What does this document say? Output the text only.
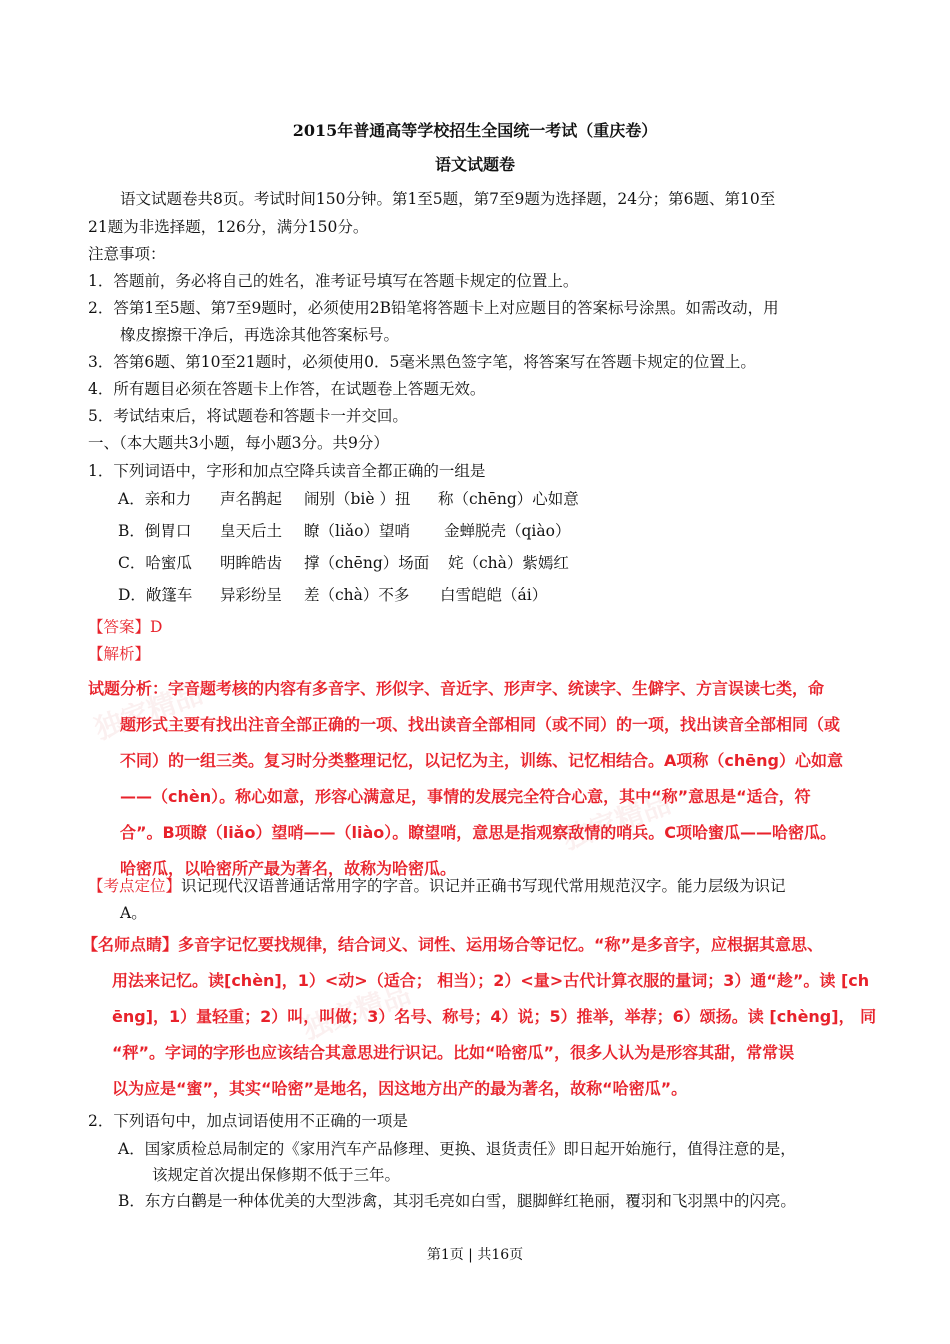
独家精品
独家精品
独家精品
2015年普通高等学校招生全国统一考试（重庆卷）
语文试题卷
语文试题卷共8页。考试时间150分钟。第1至5题，第7至9题为选择题，24分；第6题、第10至
21题为非选择题，126分，满分150分。
注意事项：
1．答题前，务必将自己的姓名，准考证号填写在答题卡规定的位置上。
2．答第1至5题、第7至9题时，必须使用2B铅笔将答题卡上对应题目的答案标号涂黑。如需改动，用
橡皮擦擦干净后，再选涂其他答案标号。
3．答第6题、第10至21题时，必须使用0．5毫米黑色签字笔，将答案写在答题卡规定的位置上。
4．所有题目必须在答题卡上作答，在试题卷上答题无效。
5．考试结束后，将试题卷和答题卡一并交回。
一、（本大题共3小题，每小题3分。共9分）
1．下列词语中，字形和加点空降兵读音全都正确的一组是
A．亲和力 声名鹊起 闹别（biè ）扭 称（chēng）心如意
B．倒胃口 皇天后土 瞭（liǎo）望哨 金蝉脱壳（qiào）
C．哈蜜瓜 明眸皓齿 撑（chēng）场面 姹（chà）紫嫣红
D．敞篷车 异彩纷呈 差（chà）不多 白雪皑皑（ái）
【答案】D
【解析】
试题分析：字音题考核的内容有多音字、形似字、音近字、形声字、统读字、生僻字、方言误读七类，命
题形式主要有找出注音全部正确的一项、找出读音全部相同（或不同）的一项，找出读音全部相同（或
不同）的一组三类。复习时分类整理记忆，以记忆为主，训练、记忆相结合。A项称（chēng）心如意
——（chèn）。称心如意，形容心满意足，事情的发展完全符合心意，其中“称”意思是“适合，符
合”。B项瞭（liǎo）望哨——（liào）。瞭望哨，意思是指观察敌情的哨兵。C项哈蜜瓜——哈密瓜。
哈密瓜，以哈密所产最为著名，故称为哈密瓜。
【考点定位】识记现代汉语普通话常用字的字音。识记并正确书写现代常用规范汉字。能力层级为识记
A。
【名师点睛】多音字记忆要找规律，结合词义、词性、运用场合等记忆。“称”是多音字，应根据其意思、
用法来记忆。读[chèn]，1）<动>（适合； 相当）；2）<量>古代计算衣服的量词；3）通“趁”。读 [ch
ēng]，1）量轻重；2）叫，叫做；3）名号、称号；4）说；5）推举，举荐；6）颂扬。读 [chèng]， 同
“秤”。字词的字形也应该结合其意思进行识记。比如“哈密瓜”，很多人认为是形容其甜，常常误
以为应是“蜜”，其实“哈密”是地名，因这地方出产的最为著名，故称“哈密瓜”。
2．下列语句中，加点词语使用不正确的一项是
A．国家质检总局制定的《家用汽车产品修理、更换、退货责任》即日起开始施行，值得注意的是，
该规定首次提出保修期不低于三年。
B．东方白鹳是一种体优美的大型涉禽，其羽毛亮如白雪，腿脚鲜红艳丽，覆羽和飞羽黑中的闪亮。
第1页 | 共16页
